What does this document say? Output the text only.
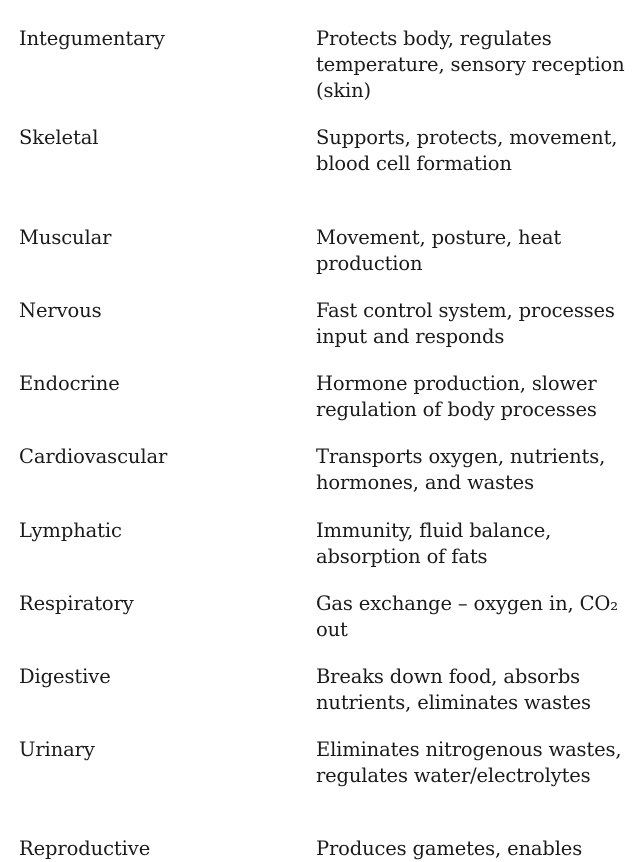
Integumentary	Protects body, regulates temperature, sensory reception (skin)
Skeletal	Supports, protects, movement, blood cell formation
Muscular	Movement, posture, heat production
Nervous	Fast control system, processes input and responds
Endocrine	Hormone production, slower regulation of body processes
Cardiovascular	Transports oxygen, nutrients, hormones, and wastes
Lymphatic	Immunity, fluid balance, absorption of fats
Respiratory	Gas exchange – oxygen in, CO₂ out
Digestive	Breaks down food, absorbs nutrients, eliminates wastes
Urinary	Eliminates nitrogenous wastes, regulates water/electrolytes
Reproductive	Produces gametes, enables
